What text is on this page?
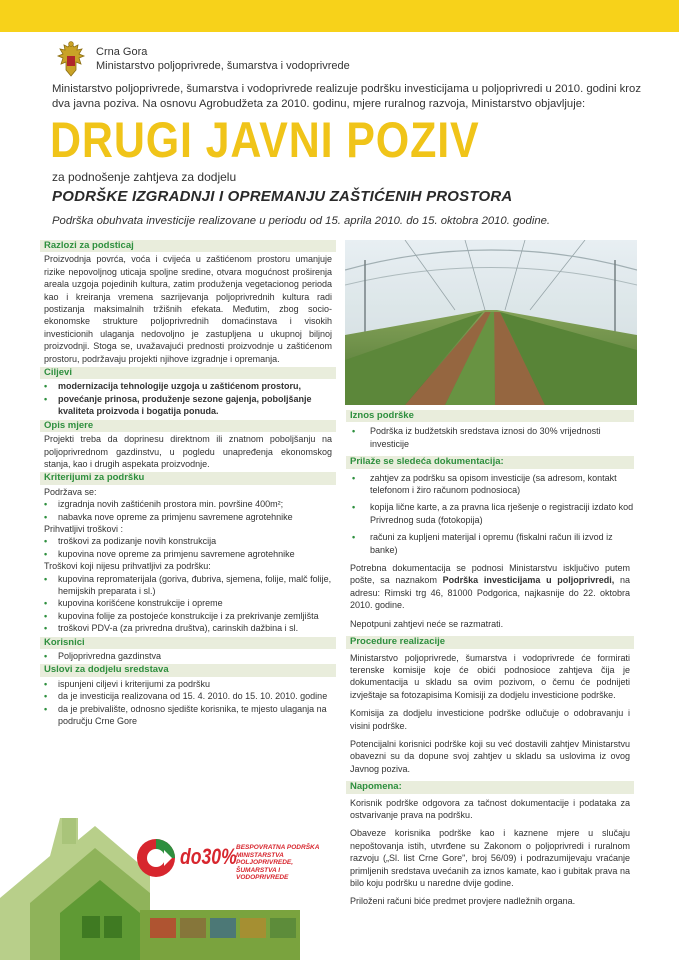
Crna Gora
Ministarstvo poljoprivrede, šumarstva i vodoprivrede
Ministarstvo poljoprivrede, šumarstva i vodoprivrede realizuje podršku investicijama u poljoprivredi u 2010. godini kroz dva javna poziva. Na osnovu Agrobudžeta za 2010. godinu, mjere ruralnog razvoja, Ministarstvo objavljuje:
DRUGI JAVNI POZIV
za podnošenje zahtjeva za dodjelu
PODRŠKE IZGRADNJI I OPREMANJU ZAŠTIĆENIH PROSTORA
Podrška obuhvata investicije realizovane u periodu od 15. aprila 2010. do 15. oktobra 2010. godine.
Razlozi za podsticaj
Proizvodnja povrća, voća i cvijeća u zaštićenom prostoru umanjuje rizike nepovoljnog uticaja spoljne sredine, otvara mogućnost proširenja areala uzgoja pojedinih kultura, zatim produženja vegetacionog perioda kao i kreiranja vremena sazrijevanja poljoprivrednih kultura radi postizanja maksimalnih tržišnih efekata. Međutim, zbog socio-ekonomske strukture poljoprivrednih domaćinstava i visokih investicionih ulaganja nedovoljno je zastupljena u ukupnoj biljnoj proizvodnji. Stoga se, uvažavajući prednosti proizvodnje u zaštićenom prostoru, podržavaju projekti njihove izgradnje i opremanja.
Ciljevi
• modernizacija tehnologije uzgoja u zaštićenom prostoru,
• povećanje prinosa, produženje sezone gajenja, poboljšanje kvaliteta proizvoda i bogatija ponuda.
Opis mjere
Projekti treba da doprinesu direktnom ili znatnom poboljšanju na poljoprivrednom gazdinstvu, u pogledu unapređenja ekonomskog stanja, kao i drugih aspekata proizvodnje.
Kriterijumi za podršku
Podržava se:
• izgradnja novih zaštićenih prostora min. površine 400m²;
• nabavka nove opreme za primjenu savremene agrotehnike
Prihvatljivi troškovi :
• troškovi za podizanje novih konstrukcija
• kupovina nove opreme za primjenu savremene agrotehnike
Troškovi koji nijesu prihvatljivi za podršku:
• kupovina repromaterijala (goriva, đubriva, sjemena, folije, malč folije, hemijskih preparata i sl.)
• kupovina korišćene konstrukcije i opreme
• kupovina folije za postojeće konstrukcije i za prekrivanje zemljišta
• troškovi PDV-a (za privredna društva), carinskih dažbina i sl.
Korisnici
• Poljoprivredna gazdinstva
Uslovi za dodjelu sredstava
• ispunjeni ciljevi i kriterijumi za podršku
• da je investicija realizovana od 15. 4. 2010. do 15. 10. 2010. godine
• da je prebivalište, odnosno sjedište korisnika, te mjesto ulaganja na području Crne Gore
Iznos podrške
• Podrška iz budžetskih sredstava iznosi do 30% vrijednosti investicije
Prilaže se sledeća dokumentacija:
• zahtjev za podršku sa opisom investicije (sa adresom, kontakt telefonom i žiro računom podnosioca)
• kopija lične karte, a za pravna lica rješenje o registraciji izdato kod Privrednog suda (fotokopija)
• računi za kupljeni materijal i opremu (fiskalni račun ili izvod iz banke)
Potrebna dokumentacija se podnosi Ministarstvu isključivo putem pošte, sa naznakom Podrška investicijama u poljoprivredi, na adresu: Rimski trg 46, 81000 Podgorica, najkasnije do 22. oktobra 2010. godine.
Nepotpuni zahtjevi neće se razmatrati.
Procedure realizacije
Ministarstvo poljoprivrede, šumarstva i vodoprivrede će formirati terenske komisije koje će obići podnosioce zahtjeva čija je dokumentacija u skladu sa ovim pozivom, o čemu će podnijeti izvještaje sa fotozapisima Komisiji za dodjelu investicione podrške.
Komisija za dodjelu investicione podrške odlučuje o odobravanju i visini podrške.
Potencijalni korisnici podrške koji su već dostavili zahtjev Ministarstvu obavezni su da dopune svoj zahtjev u skladu sa uslovima iz ovog Javnog poziva.
Napomena:
Korisnik podrške odgovora za tačnost dokumentacije i podataka za ostvarivanje prava na podršku.
Obaveze korisnika podrške kao i kaznene mjere u slučaju nepoštovanja istih, utvrđene su Zakonom o poljoprivredi i ruralnom razvoju („Sl. list Crne Gore", broj 56/09) i podrazumijevaju vraćanje primljenih sredstava uvećanih za iznos kamate, kao i gubitak prava na bilo koju podršku u naredne dvije godine.
Priloženi računi biće predmet provjere nadležnih organa.
do30% BESPOVRATNA PODRŠKA MINISTARSTVA POLJOPRIVREDE, ŠUMARSTVA I VODOPRIVREDE
